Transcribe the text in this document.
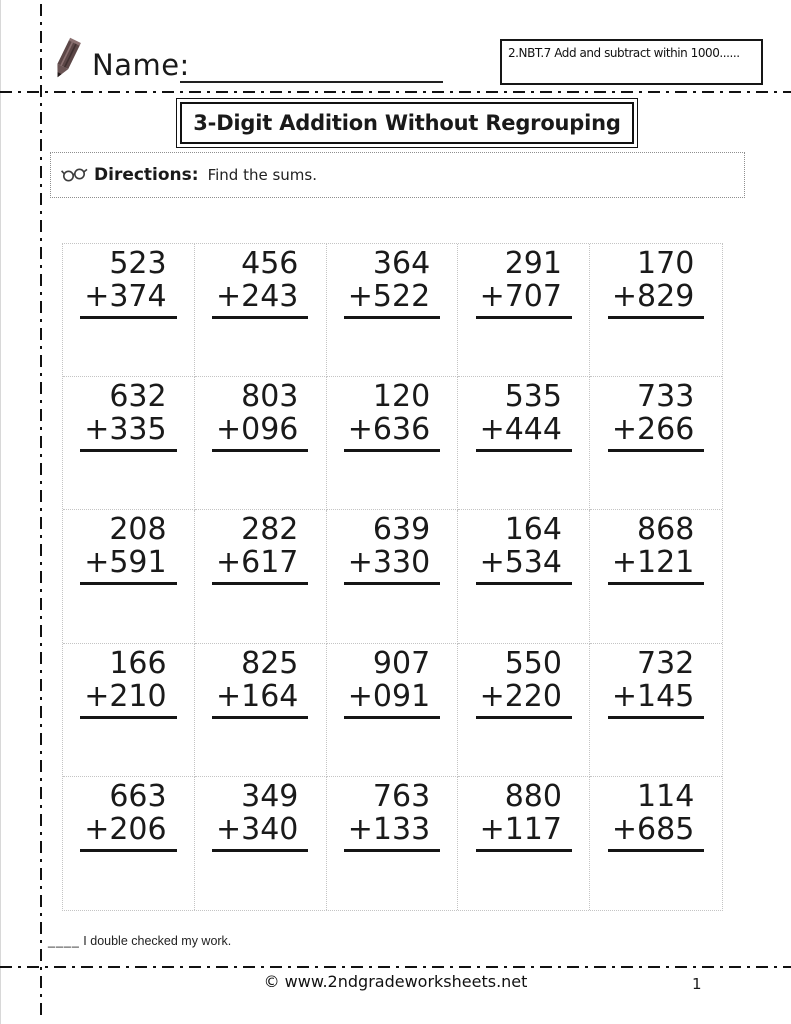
Name:	2.NBT.7 Add and subtract within 1000......
3-Digit Addition Without Regrouping
Directions: Find the sums.
523
+374
456
+243
364
+522
291
+707
170
+829
632
+335
803
+096
120
+636
535
+444
733
+266
208
+591
282
+617
639
+330
164
+534
868
+121
166
+210
825
+164
907
+091
550
+220
732
+145
663
+206
349
+340
763
+133
880
+117
114
+685
____ I double checked my work.
© www.2ndgradeworksheets.net	1
